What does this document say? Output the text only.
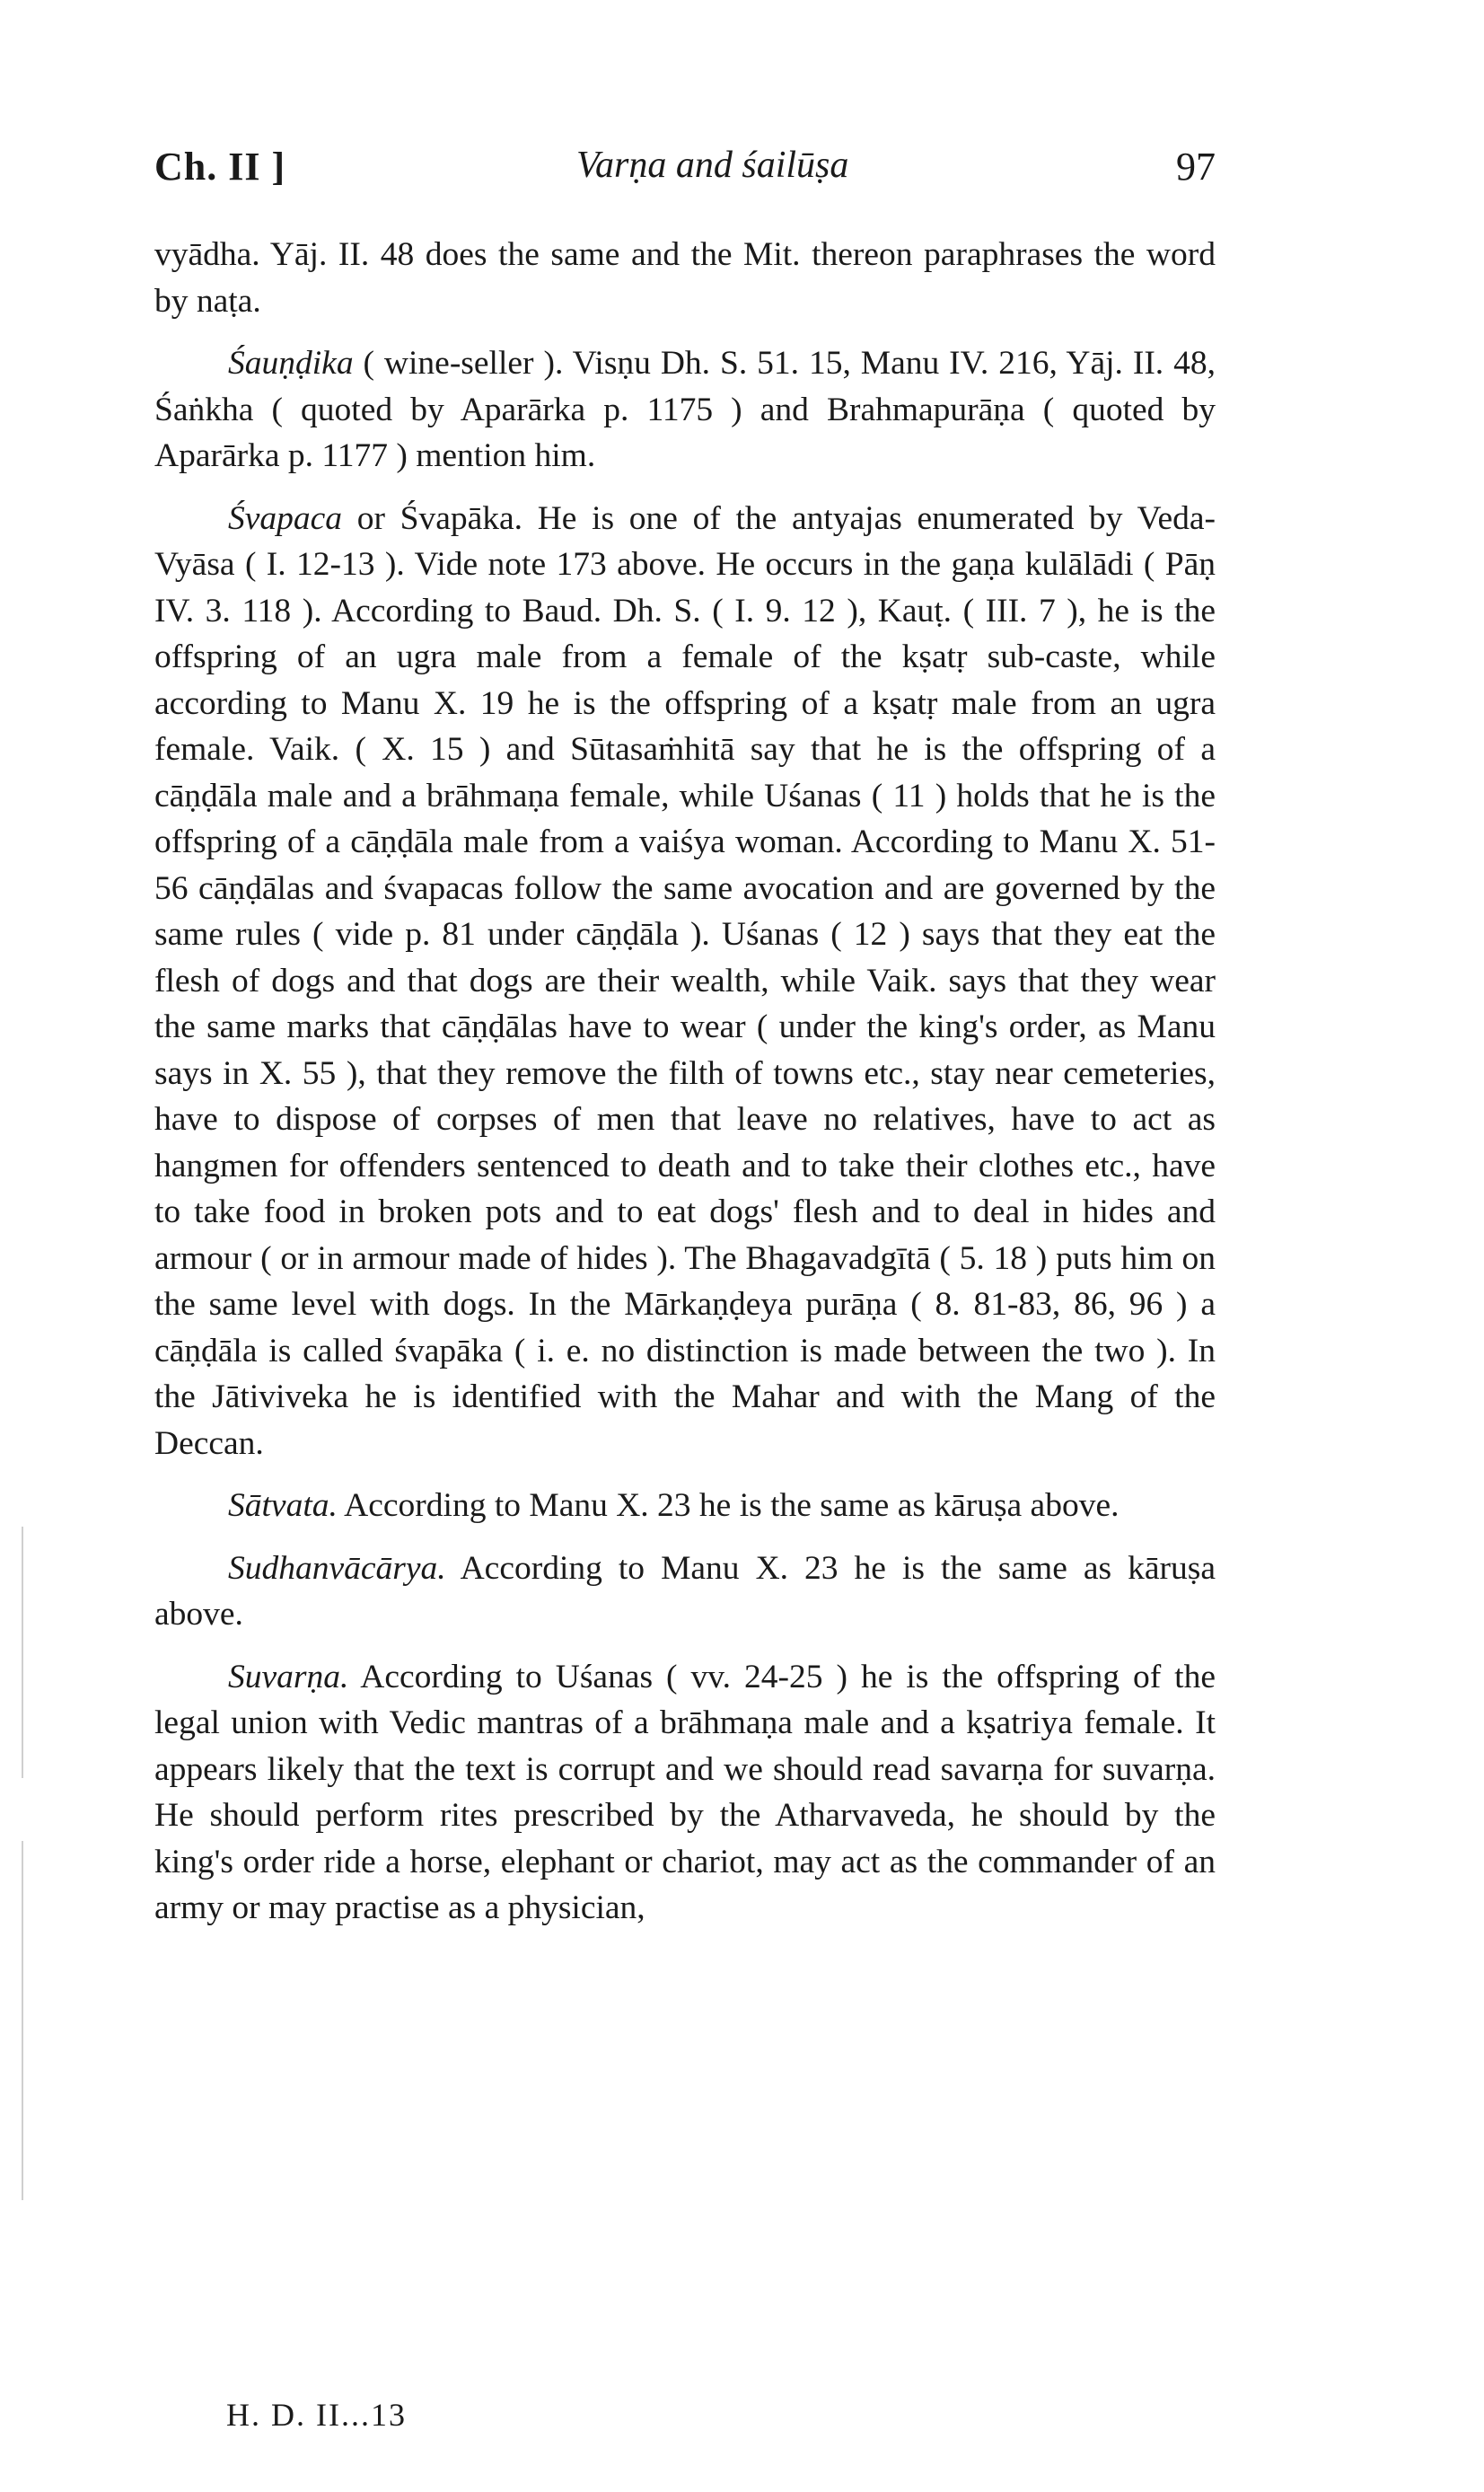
Ch. II ]	Varṇa and śailūṣa	97

vyādha. Yāj. II. 48 does the same and the Mit. thereon paraphrases the word by naṭa.

Śauṇḍika ( wine-seller ). Visṇu Dh. S. 51. 15, Manu IV. 216, Yāj. II. 48, Śaṅkha ( quoted by Aparārka p. 1175 ) and Brahmapurāṇa ( quoted by Aparārka p. 1177 ) mention him.

Śvapaca or Śvapāka. He is one of the antyajas enumerated by Veda-Vyāsa ( I. 12-13 ). Vide note 173 above. He occurs in the gaṇa kulālādi ( Pāṇ IV. 3. 118 ). According to Baud. Dh. S. ( I. 9. 12 ), Kauṭ. ( III. 7 ), he is the offspring of an ugra male from a female of the kṣatṛ sub-caste, while according to Manu X. 19 he is the offspring of a kṣatṛ male from an ugra female. Vaik. ( X. 15 ) and Sūtasaṁhitā say that he is the offspring of a cāṇḍāla male and a brāhmaṇa female, while Uśanas ( 11 ) holds that he is the offspring of a cāṇḍāla male from a vaiśya woman. According to Manu X. 51-56 cāṇḍālas and śvapacas follow the same avocation and are governed by the same rules ( vide p. 81 under cāṇḍāla ). Uśanas ( 12 ) says that they eat the flesh of dogs and that dogs are their wealth, while Vaik. says that they wear the same marks that cāṇḍālas have to wear ( under the king's order, as Manu says in X. 55 ), that they remove the filth of towns etc., stay near cemeteries, have to dispose of corpses of men that leave no relatives, have to act as hangmen for offenders sentenced to death and to take their clothes etc., have to take food in broken pots and to eat dogs' flesh and to deal in hides and armour ( or in armour made of hides ). The Bhagavadgītā ( 5. 18 ) puts him on the same level with dogs. In the Mārkaṇḍeya purāṇa ( 8. 81-83, 86, 96 ) a cāṇḍāla is called śvapāka ( i. e. no distinction is made between the two ). In the Jātiviveka he is identified with the Mahar and with the Mang of the Deccan.

Sātvata. According to Manu X. 23 he is the same as kāruṣa above.

Sudhanvācārya. According to Manu X. 23 he is the same as kāruṣa above.

Suvarṇa. According to Uśanas ( vv. 24-25 ) he is the offspring of the legal union with Vedic mantras of a brāhmaṇa male and a kṣatriya female. It appears likely that the text is corrupt and we should read savarṇa for suvarṇa. He should perform rites prescribed by the Atharvaveda, he should by the king's order ride a horse, elephant or chariot, may act as the commander of an army or may practise as a physician,

H. D. II...13
